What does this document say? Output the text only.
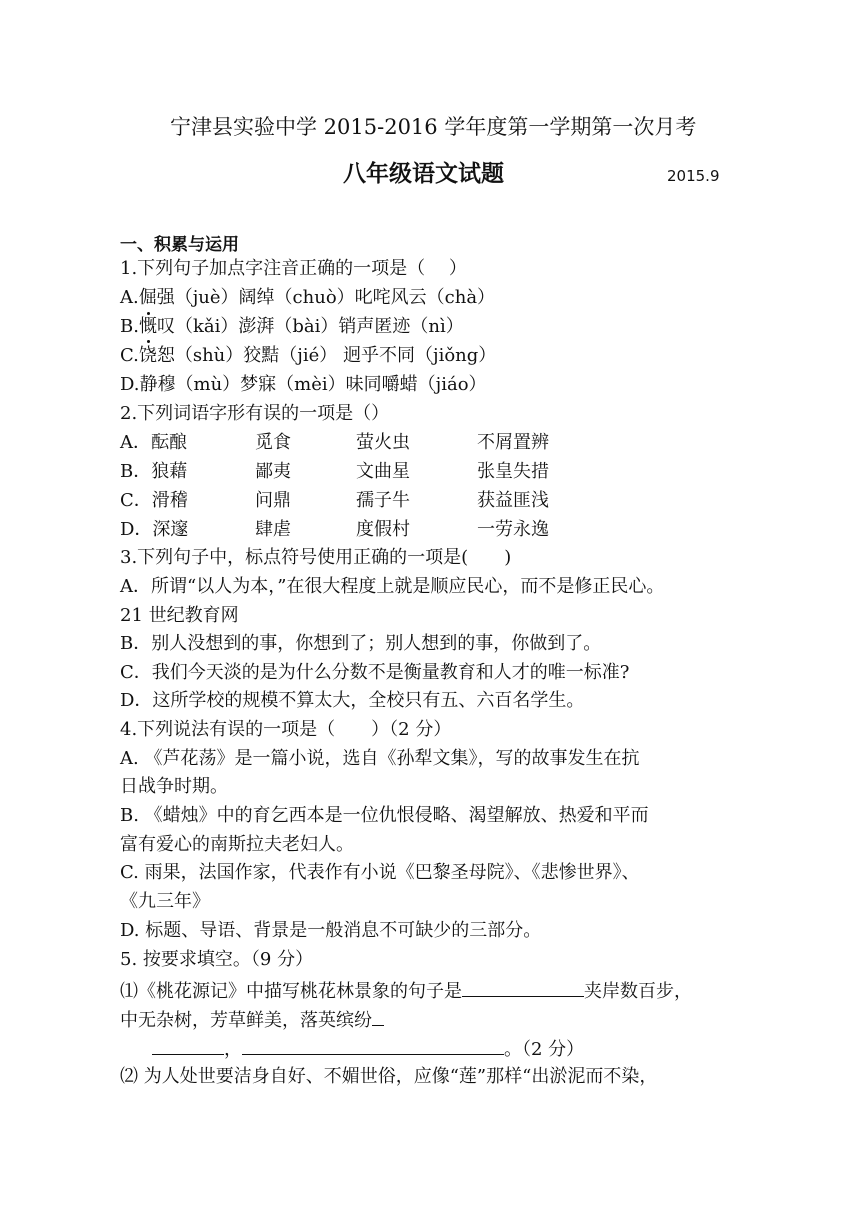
宁津县实验中学 2015-2016 学年度第一学期第一次月考
八年级语文试题	2015.9
一、积累与运用
1.下列句子加点字注音正确的一项是（　 ）
A.倔强（juè）阔绰（chuò）叱咤风云（chà）
B.慨叹（kǎi）澎湃（bài）销声匿迹（nì）
C.饶恕（shù）狡黠（jié） 迥乎不同（jiǒng）
D.静穆（mù）梦寐（mèi）味同嚼蜡（jiáo）
2.下列词语字形有误的一项是（）
A．酝酿	觅食	萤火虫	不屑置辨
B．狼藉	鄙夷	文曲星	张皇失措
C．滑稽	问鼎	孺子牛	获益匪浅
D．深邃	肆虐	度假村	一劳永逸
3.下列句子中，标点符号使用正确的一项是(　　)
A．所谓“以人为本，”在很大程度上就是顺应民心，而不是修正民心。
21 世纪教育网
B．别人没想到的事，你想到了；别人想到的事，你做到了。
C．我们今天淡的是为什么分数不是衡量教育和人才的唯一标准?
D．这所学校的规模不算太大，全校只有五、六百名学生。
4.下列说法有误的一项是（　　）（2 分）
A. 《芦花荡》是一篇小说，选自《孙犁文集》，写的故事发生在抗
日战争时期。
B. 《蜡烛》中的育乞西本是一位仇恨侵略、渴望解放、热爱和平而
富有爱心的南斯拉夫老妇人。
C. 雨果，法国作家，代表作有小说《巴黎圣母院》、《悲惨世界》、
《九三年》
D. 标题、导语、背景是一般消息不可缺少的三部分。
5. 按要求填空。（9 分）
⑴《桃花源记》中描写桃花林景象的句子是	夹岸数百步，
中无杂树，芳草鲜美，落英缤纷
，	。（2 分）
⑵ 为人处世要洁身自好、不媚世俗，应像“莲”那样“出淤泥而不染，
